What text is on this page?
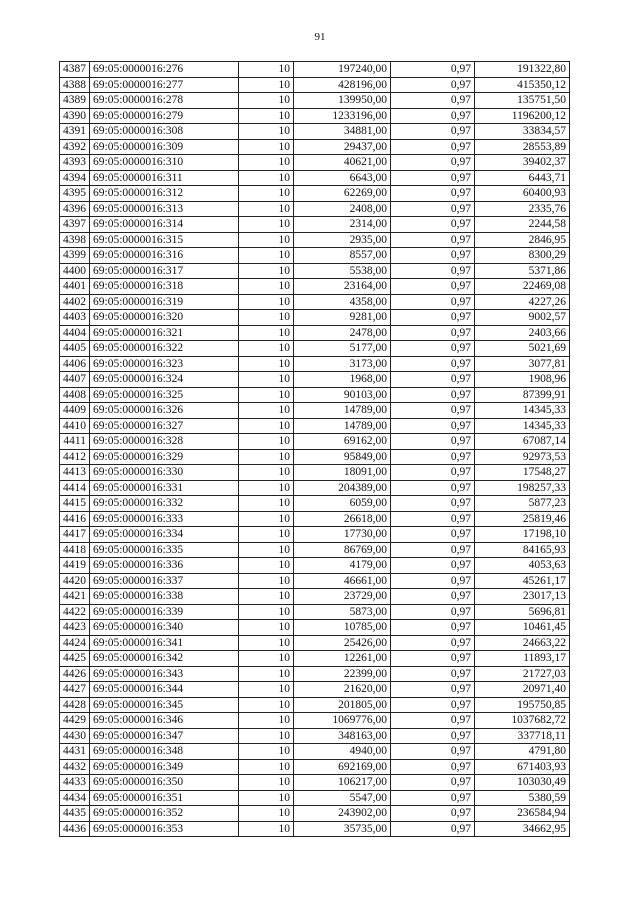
91
4387	69:05:0000016:276	10	197240,00	0,97	191322,80
4388	69:05:0000016:277	10	428196,00	0,97	415350,12
4389	69:05:0000016:278	10	139950,00	0,97	135751,50
4390	69:05:0000016:279	10	1233196,00	0,97	1196200,12
4391	69:05:0000016:308	10	34881,00	0,97	33834,57
4392	69:05:0000016:309	10	29437,00	0,97	28553,89
4393	69:05:0000016:310	10	40621,00	0,97	39402,37
4394	69:05:0000016:311	10	6643,00	0,97	6443,71
4395	69:05:0000016:312	10	62269,00	0,97	60400,93
4396	69:05:0000016:313	10	2408,00	0,97	2335,76
4397	69:05:0000016:314	10	2314,00	0,97	2244,58
4398	69:05:0000016:315	10	2935,00	0,97	2846,95
4399	69:05:0000016:316	10	8557,00	0,97	8300,29
4400	69:05:0000016:317	10	5538,00	0,97	5371,86
4401	69:05:0000016:318	10	23164,00	0,97	22469,08
4402	69:05:0000016:319	10	4358,00	0,97	4227,26
4403	69:05:0000016:320	10	9281,00	0,97	9002,57
4404	69:05:0000016:321	10	2478,00	0,97	2403,66
4405	69:05:0000016:322	10	5177,00	0,97	5021,69
4406	69:05:0000016:323	10	3173,00	0,97	3077,81
4407	69:05:0000016:324	10	1968,00	0,97	1908,96
4408	69:05:0000016:325	10	90103,00	0,97	87399,91
4409	69:05:0000016:326	10	14789,00	0,97	14345,33
4410	69:05:0000016:327	10	14789,00	0,97	14345,33
4411	69:05:0000016:328	10	69162,00	0,97	67087,14
4412	69:05:0000016:329	10	95849,00	0,97	92973,53
4413	69:05:0000016:330	10	18091,00	0,97	17548,27
4414	69:05:0000016:331	10	204389,00	0,97	198257,33
4415	69:05:0000016:332	10	6059,00	0,97	5877,23
4416	69:05:0000016:333	10	26618,00	0,97	25819,46
4417	69:05:0000016:334	10	17730,00	0,97	17198,10
4418	69:05:0000016:335	10	86769,00	0,97	84165,93
4419	69:05:0000016:336	10	4179,00	0,97	4053,63
4420	69:05:0000016:337	10	46661,00	0,97	45261,17
4421	69:05:0000016:338	10	23729,00	0,97	23017,13
4422	69:05:0000016:339	10	5873,00	0,97	5696,81
4423	69:05:0000016:340	10	10785,00	0,97	10461,45
4424	69:05:0000016:341	10	25426,00	0,97	24663,22
4425	69:05:0000016:342	10	12261,00	0,97	11893,17
4426	69:05:0000016:343	10	22399,00	0,97	21727,03
4427	69:05:0000016:344	10	21620,00	0,97	20971,40
4428	69:05:0000016:345	10	201805,00	0,97	195750,85
4429	69:05:0000016:346	10	1069776,00	0,97	1037682,72
4430	69:05:0000016:347	10	348163,00	0,97	337718,11
4431	69:05:0000016:348	10	4940,00	0,97	4791,80
4432	69:05:0000016:349	10	692169,00	0,97	671403,93
4433	69:05:0000016:350	10	106217,00	0,97	103030,49
4434	69:05:0000016:351	10	5547,00	0,97	5380,59
4435	69:05:0000016:352	10	243902,00	0,97	236584,94
4436	69:05:0000016:353	10	35735,00	0,97	34662,95
